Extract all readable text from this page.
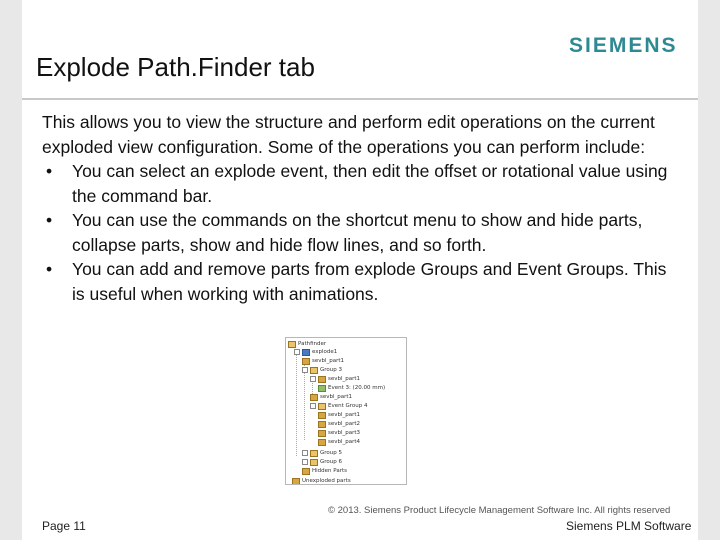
Explode Path.Finder tab
SIEMENS

This allows you to view the structure and perform edit operations on the current exploded view configuration. Some of the operations you can perform include:

• You can select an explode event, then edit the offset or rotational value using the command bar.
• You can use the commands on the shortcut menu to show and hide parts, collapse parts, show and hide flow lines, and so forth.
• You can add and remove parts from explode Groups and Event Groups. This is useful when working with animations.
Pathfinder
explode1
sevbl_part1
Group 3
sevbl_part1
Event 3: (20.00 mm)
sevbl_part1
Event Group 4
sevbl_part1
sevbl_part2
sevbl_part3
sevbl_part4
Group 5
Group 6
Hidden Parts
Unexploded parts
© 2013. Siemens Product Lifecycle Management Software Inc. All rights reserved
Page 11	Siemens PLM Software
